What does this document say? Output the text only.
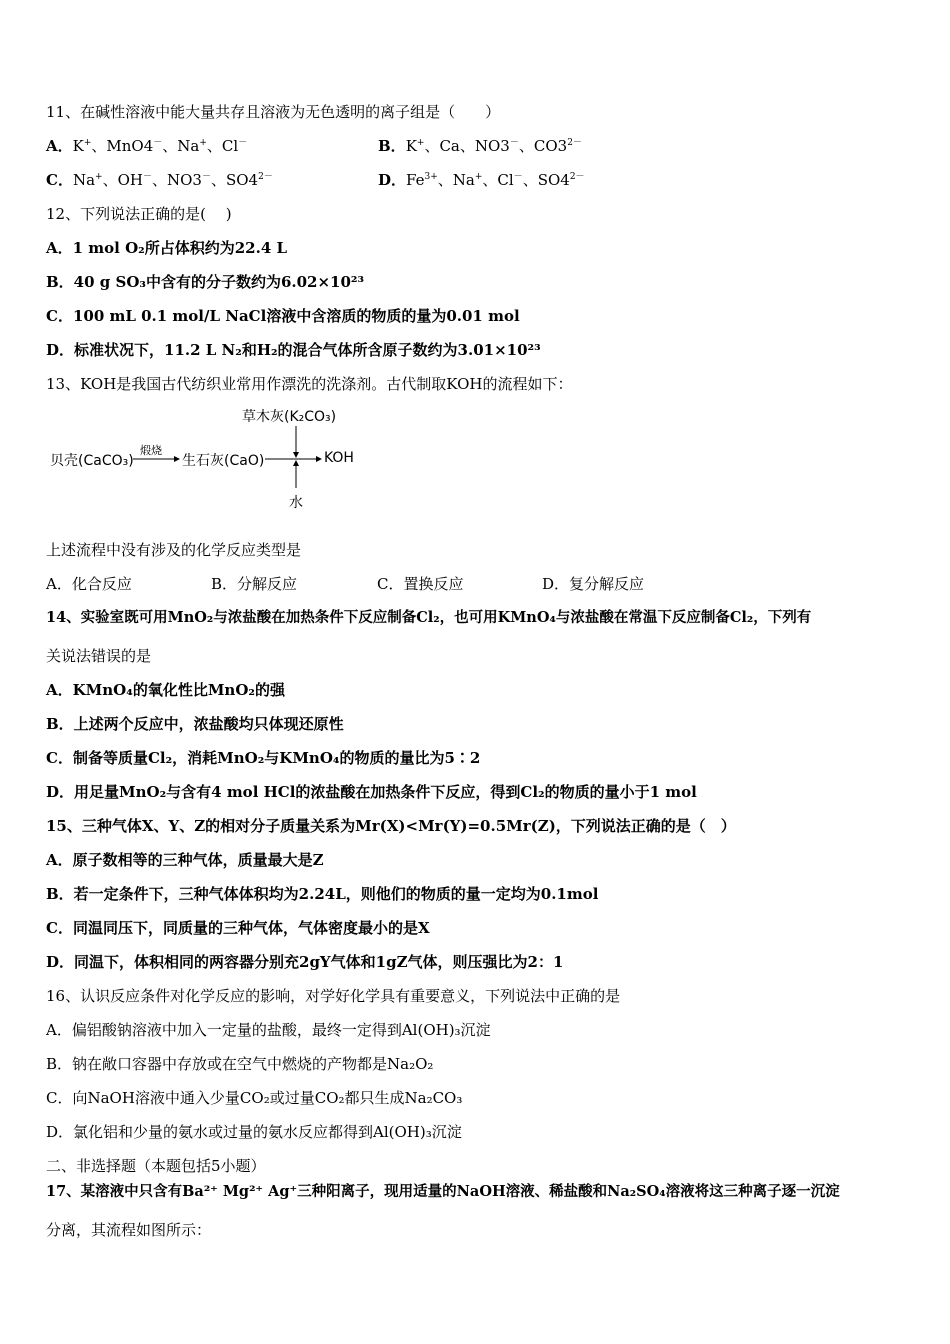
11、在碱性溶液中能大量共存且溶液为无色透明的离子组是（　　）
A．K+、MnO4－、Na+、Cl－	B．K+、Ca、NO3－、$CO3^{2-}$
C．Na+、OH－、NO3－、$SO4^{2-}$	D．$Fe^{3+}$、Na+、Cl－、$SO4^{2-}$
12、下列说法正确的是(　 )
A．1 mol O₂所占体积约为22.4 L
B．40 g SO₃中含有的分子数约为6.02×10²³
C．100 mL 0.1 mol/L NaCl溶液中含溶质的物质的量为0.01 mol
D．标准状况下，11.2 L N₂和H₂的混合气体所含原子数约为3.01×10²³
13、KOH是我国古代纺织业常用作漂洗的洗涤剂。古代制取KOH的流程如下：
草木灰(K₂CO₃)
贝壳(CaCO₃)
煅烧
生石灰(CaO)	KOH
水
上述流程中没有涉及的化学反应类型是
A．化合反应	B．分解反应	C．置换反应	D．复分解反应
14、实验室既可用MnO₂与浓盐酸在加热条件下反应制备Cl₂，也可用KMnO₄与浓盐酸在常温下反应制备Cl₂，下列有
关说法错误的是
A．KMnO₄的氧化性比MnO₂的强
B．上述两个反应中，浓盐酸均只体现还原性
C．制备等质量Cl₂，消耗MnO₂与KMnO₄的物质的量比为5∶2
D．用足量MnO₂与含有4 mol HCl的浓盐酸在加热条件下反应，得到Cl₂的物质的量小于1 mol
15、三种气体X、Y、Z的相对分子质量关系为Mr(X)<Mr(Y)=0.5Mr(Z)，下列说法正确的是（　）
A．原子数相等的三种气体，质量最大是Z
B．若一定条件下，三种气体体积均为2.24L，则他们的物质的量一定均为0.1mol
C．同温同压下，同质量的三种气体，气体密度最小的是X
D．同温下，体积相同的两容器分别充2gY气体和1gZ气体，则压强比为2：1
16、认识反应条件对化学反应的影响，对学好化学具有重要意义，下列说法中正确的是
A．偏铝酸钠溶液中加入一定量的盐酸，最终一定得到Al(OH)₃沉淀
B．钠在敞口容器中存放或在空气中燃烧的产物都是Na₂O₂
C．向NaOH溶液中通入少量CO₂或过量CO₂都只生成Na₂CO₃
D．氯化铝和少量的氨水或过量的氨水反应都得到Al(OH)₃沉淀
二、非选择题（本题包括5小题）
17、某溶液中只含有Ba²⁺ Mg²⁺ Ag⁺三种阳离子，现用适量的NaOH溶液、稀盐酸和Na₂SO₄溶液将这三种离子逐一沉淀
分离，其流程如图所示：
